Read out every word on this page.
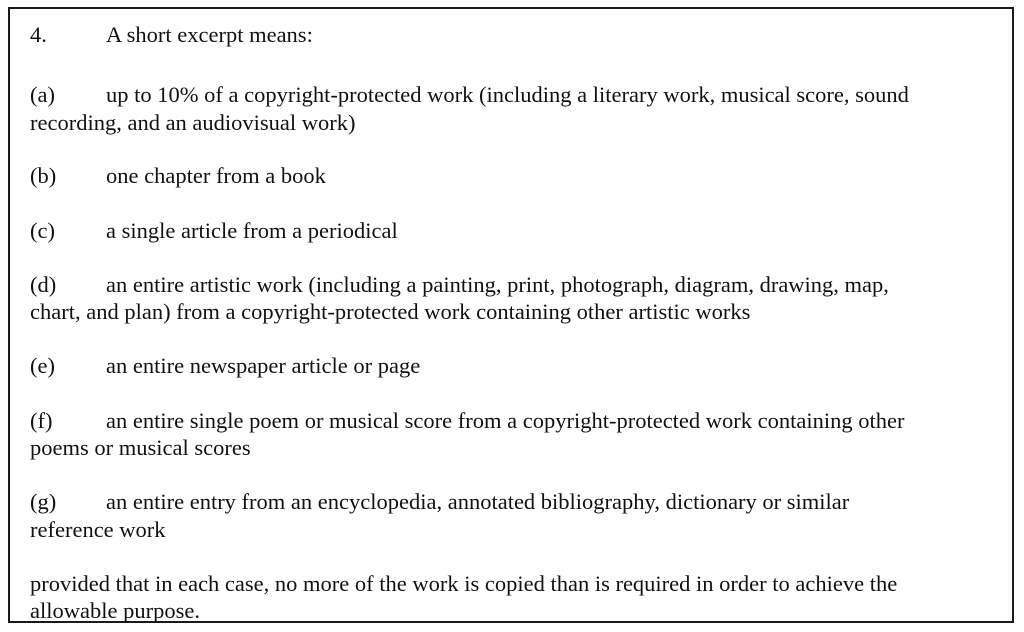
4.	A short excerpt means:
(a) up to 10% of a copyright-protected work (including a literary work, musical score, sound
recording, and an audiovisual work)
(b) one chapter from a book
(c) a single article from a periodical
(d) an entire artistic work (including a painting, print, photograph, diagram, drawing, map,
chart, and plan) from a copyright-protected work containing other artistic works
(e) an entire newspaper article or page
(f) an entire single poem or musical score from a copyright-protected work containing other
poems or musical scores
(g) an entire entry from an encyclopedia, annotated bibliography, dictionary or similar
reference work
provided that in each case, no more of the work is copied than is required in order to achieve the
allowable purpose.
